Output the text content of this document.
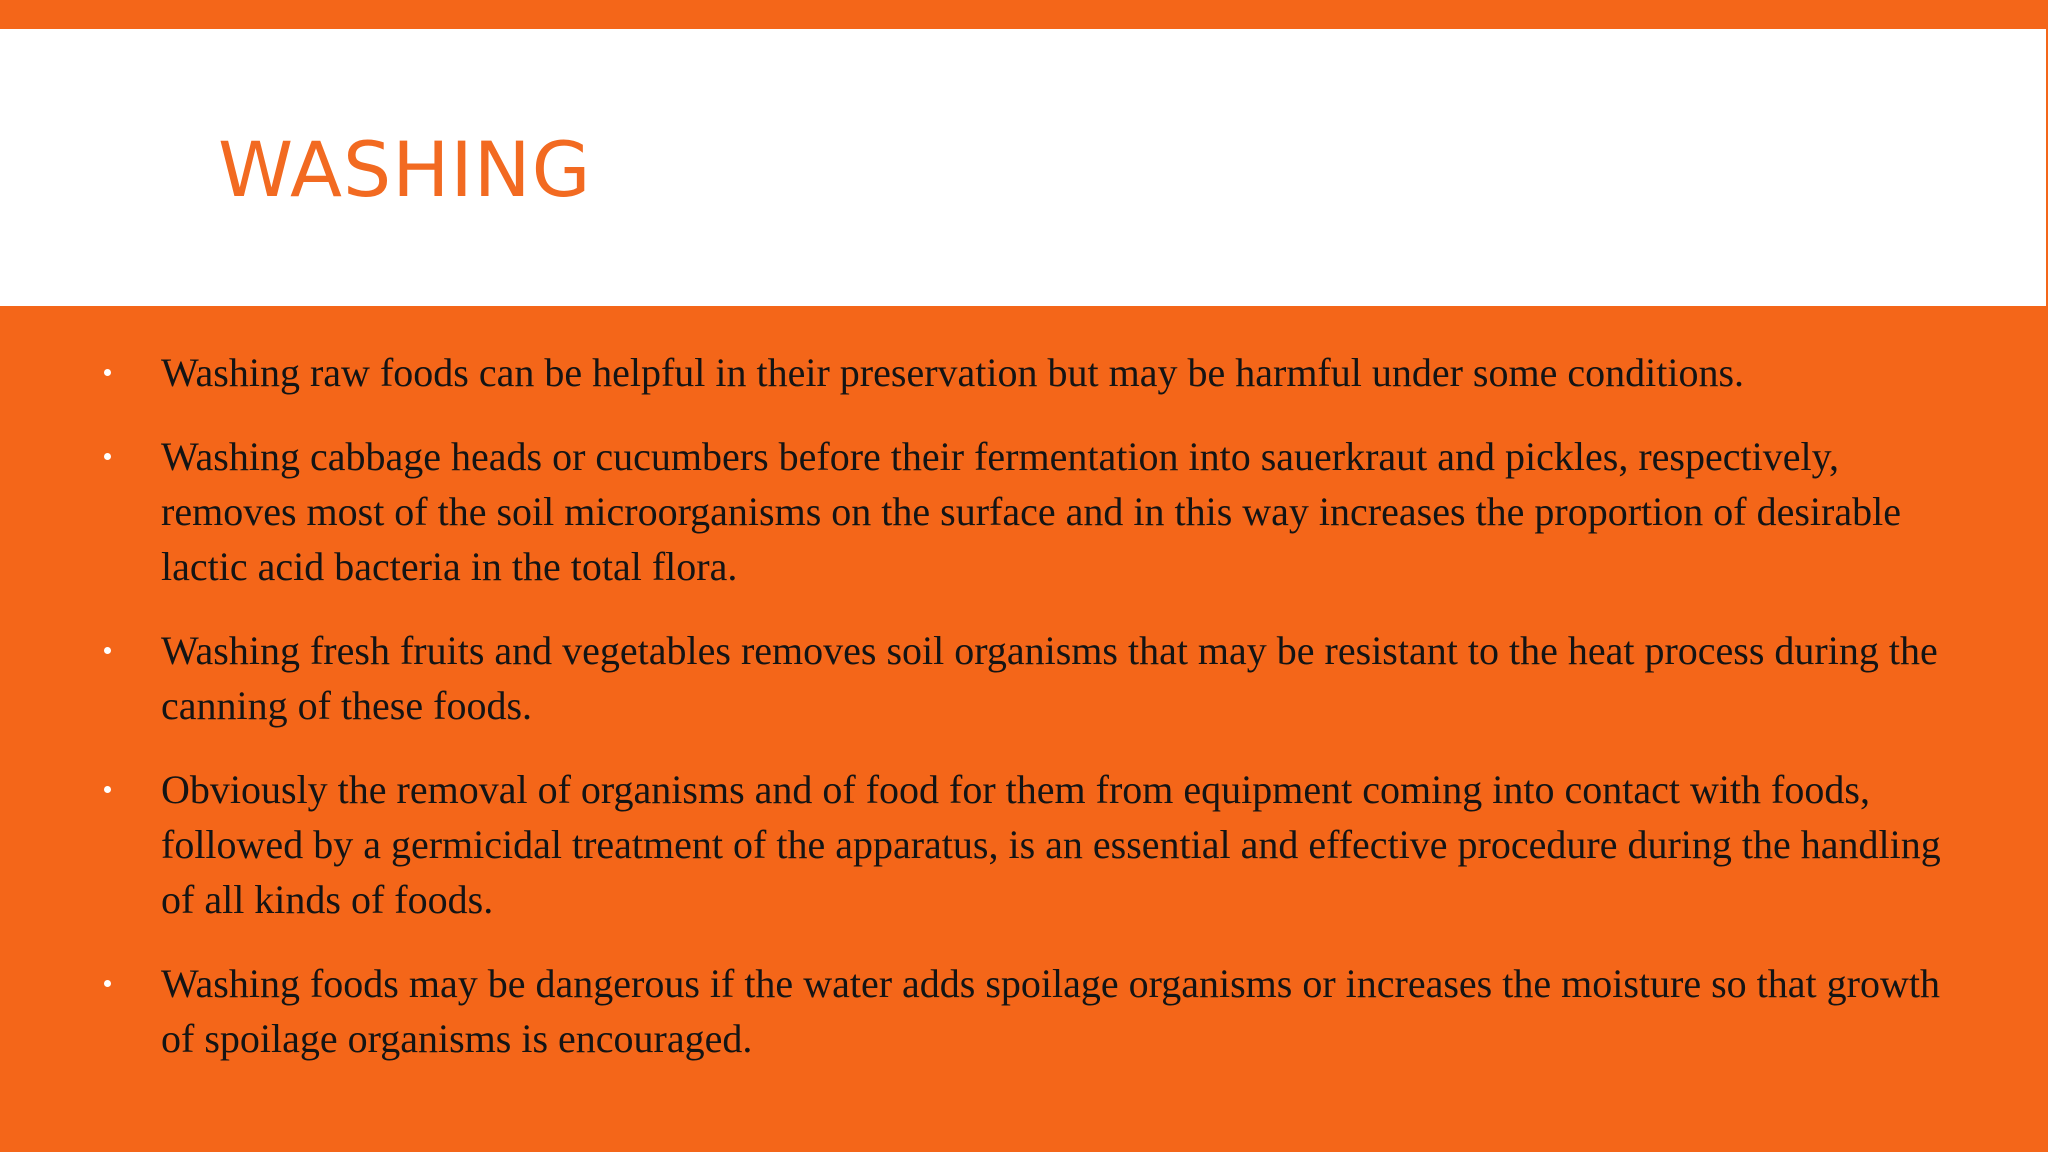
WASHING
Washing raw foods can be helpful in their preservation but may be harmful under some conditions.
Washing cabbage heads or cucumbers before their fermentation into sauerkraut and pickles, respectively, removes most of the soil microorganisms on the surface and in this way increases the proportion of desirable lactic acid bacteria in the total flora.
Washing fresh fruits and vegetables removes soil organisms that may be resistant to the heat process during the canning of these foods.
Obviously the removal of organisms and of food for them from equipment coming into contact with foods, followed by a germicidal treatment of the apparatus, is an essential and effective procedure during the handling of all kinds of foods.
Washing foods may be dangerous if the water adds spoilage organisms or increases the moisture so that growth of spoilage organisms is encouraged.
